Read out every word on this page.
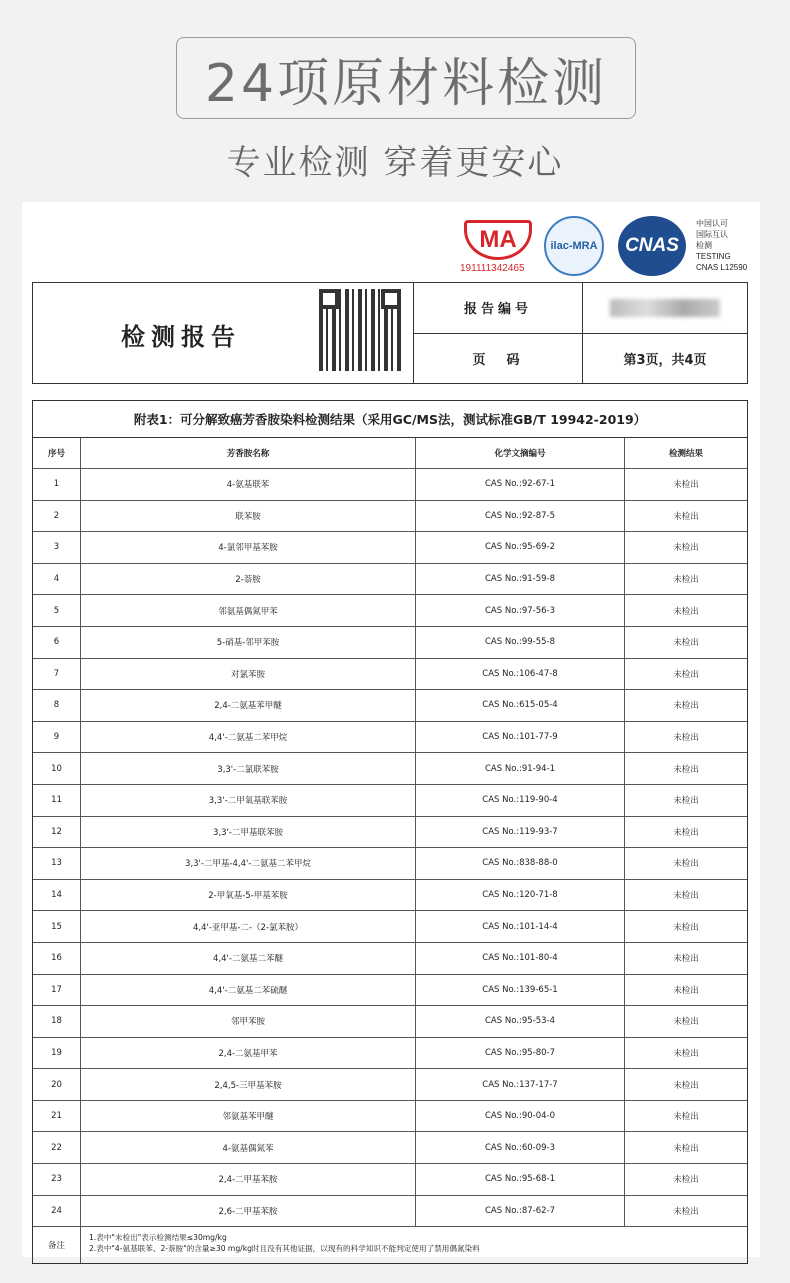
24项原材料检测
专业检测 穿着更安心
MA
191111342465
ilac-MRA	CNAS
中国认可
国际互认
检测
TESTING
CNAS L12590
检测报告
报告编号
页　码	第3页，共4页
附表1：可分解致癌芳香胺染料检测结果（采用GC/MS法，测试标准GB/T 19942-2019）
序号	芳香胺名称	化学文摘编号	检测结果
1	4-氨基联苯	CAS No.:92-67-1	未检出
2	联苯胺	CAS No.:92-87-5	未检出
3	4-氯邻甲基苯胺	CAS No.:95-69-2	未检出
4	2-萘胺	CAS No.:91-59-8	未检出
5	邻氨基偶氮甲苯	CAS No.:97-56-3	未检出
6	5-硝基-邻甲苯胺	CAS No.:99-55-8	未检出
7	对氯苯胺	CAS No.:106-47-8	未检出
8	2,4-二氨基苯甲醚	CAS No.:615-05-4	未检出
9	4,4'-二氨基二苯甲烷	CAS No.:101-77-9	未检出
10	3,3'-二氯联苯胺	CAS No.:91-94-1	未检出
11	3,3'-二甲氧基联苯胺	CAS No.:119-90-4	未检出
12	3,3'-二甲基联苯胺	CAS No.:119-93-7	未检出
13	3,3'-二甲基-4,4'-二氨基二苯甲烷	CAS No.:838-88-0	未检出
14	2-甲氧基-5-甲基苯胺	CAS No.:120-71-8	未检出
15	4,4'-亚甲基-二-（2-氯苯胺）	CAS No.:101-14-4	未检出
16	4,4'-二氨基二苯醚	CAS No.:101-80-4	未检出
17	4,4'-二氨基二苯硫醚	CAS No.:139-65-1	未检出
18	邻甲苯胺	CAS No.:95-53-4	未检出
19	2,4-二氨基甲苯	CAS No.:95-80-7	未检出
20	2,4,5-三甲基苯胺	CAS No.:137-17-7	未检出
21	邻氨基苯甲醚	CAS No.:90-04-0	未检出
22	4-氨基偶氮苯	CAS No.:60-09-3	未检出
23	2,4-二甲基苯胺	CAS No.:95-68-1	未检出
24	2,6-二甲基苯胺	CAS No.:87-62-7	未检出
备注
1.表中"未检出"表示检测结果≤30mg/kg
2.表中"4-氨基联苯、2-萘胺"的含量≥30 mg/kg时且没有其他证据，以现有的科学知识不能判定使用了禁用偶氮染料
